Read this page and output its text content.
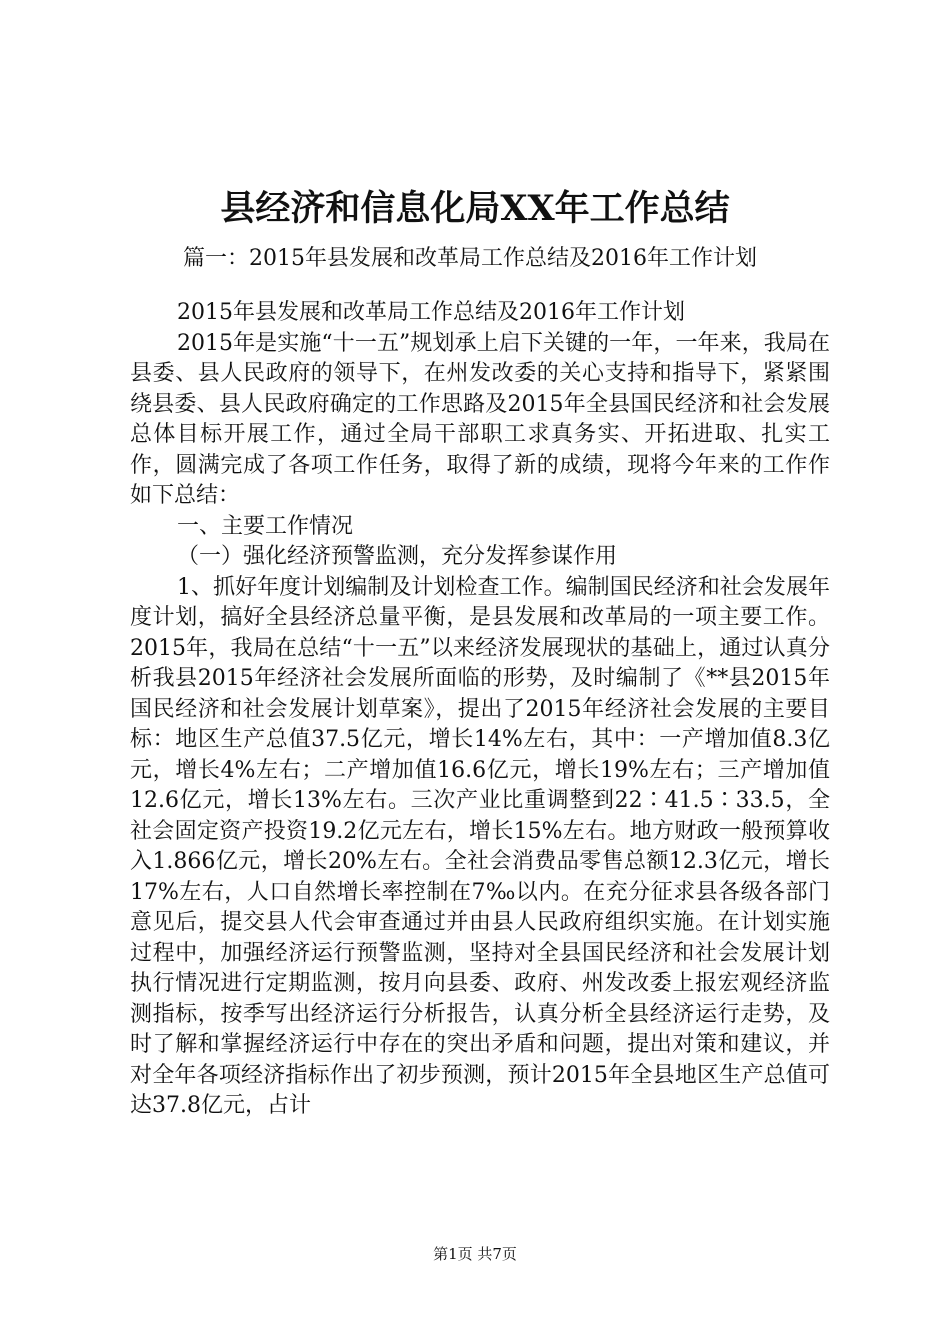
县经济和信息化局XX年工作总结
篇一：2015年县发展和改革局工作总结及2016年工作计划

2015年县发展和改革局工作总结及2016年工作计划

2015年是实施“十一五”规划承上启下关键的一年，一年来，我局在县委、县人民政府的领导下，在州发改委的关心支持和指导下，紧紧围绕县委、县人民政府确定的工作思路及2015年全县国民经济和社会发展总体目标开展工作，通过全局干部职工求真务实、开拓进取、扎实工作，圆满完成了各项工作任务，取得了新的成绩，现将今年来的工作作如下总结：

一、主要工作情况

（一）强化经济预警监测，充分发挥参谋作用

1、抓好年度计划编制及计划检查工作。编制国民经济和社会发展年度计划，搞好全县经济总量平衡，是县发展和改革局的一项主要工作。2015年，我局在总结“十一五”以来经济发展现状的基础上，通过认真分析我县2015年经济社会发展所面临的形势，及时编制了《**县2015年国民经济和社会发展计划草案》，提出了2015年经济社会发展的主要目标：地区生产总值37.5亿元，增长14%左右，其中：一产增加值8.3亿元，增长4%左右；二产增加值16.6亿元，增长19%左右；三产增加值12.6亿元，增长13%左右。三次产业比重调整到22∶41.5∶33.5，全社会固定资产投资19.2亿元左右，增长15%左右。地方财政一般预算收入1.866亿元，增长20%左右。全社会消费品零售总额12.3亿元，增长17%左右，人口自然增长率控制在7‰以内。在充分征求县各级各部门意见后，提交县人代会审查通过并由县人民政府组织实施。在计划实施过程中，加强经济运行预警监测，坚持对全县国民经济和社会发展计划执行情况进行定期监测，按月向县委、政府、州发改委上报宏观经济监测指标，按季写出经济运行分析报告，认真分析全县经济运行走势，及时了解和掌握经济运行中存在的突出矛盾和问题，提出对策和建议，并对全年各项经济指标作出了初步预测，预计2015年全县地区生产总值可达37.8亿元，占计

第1页 共7页
